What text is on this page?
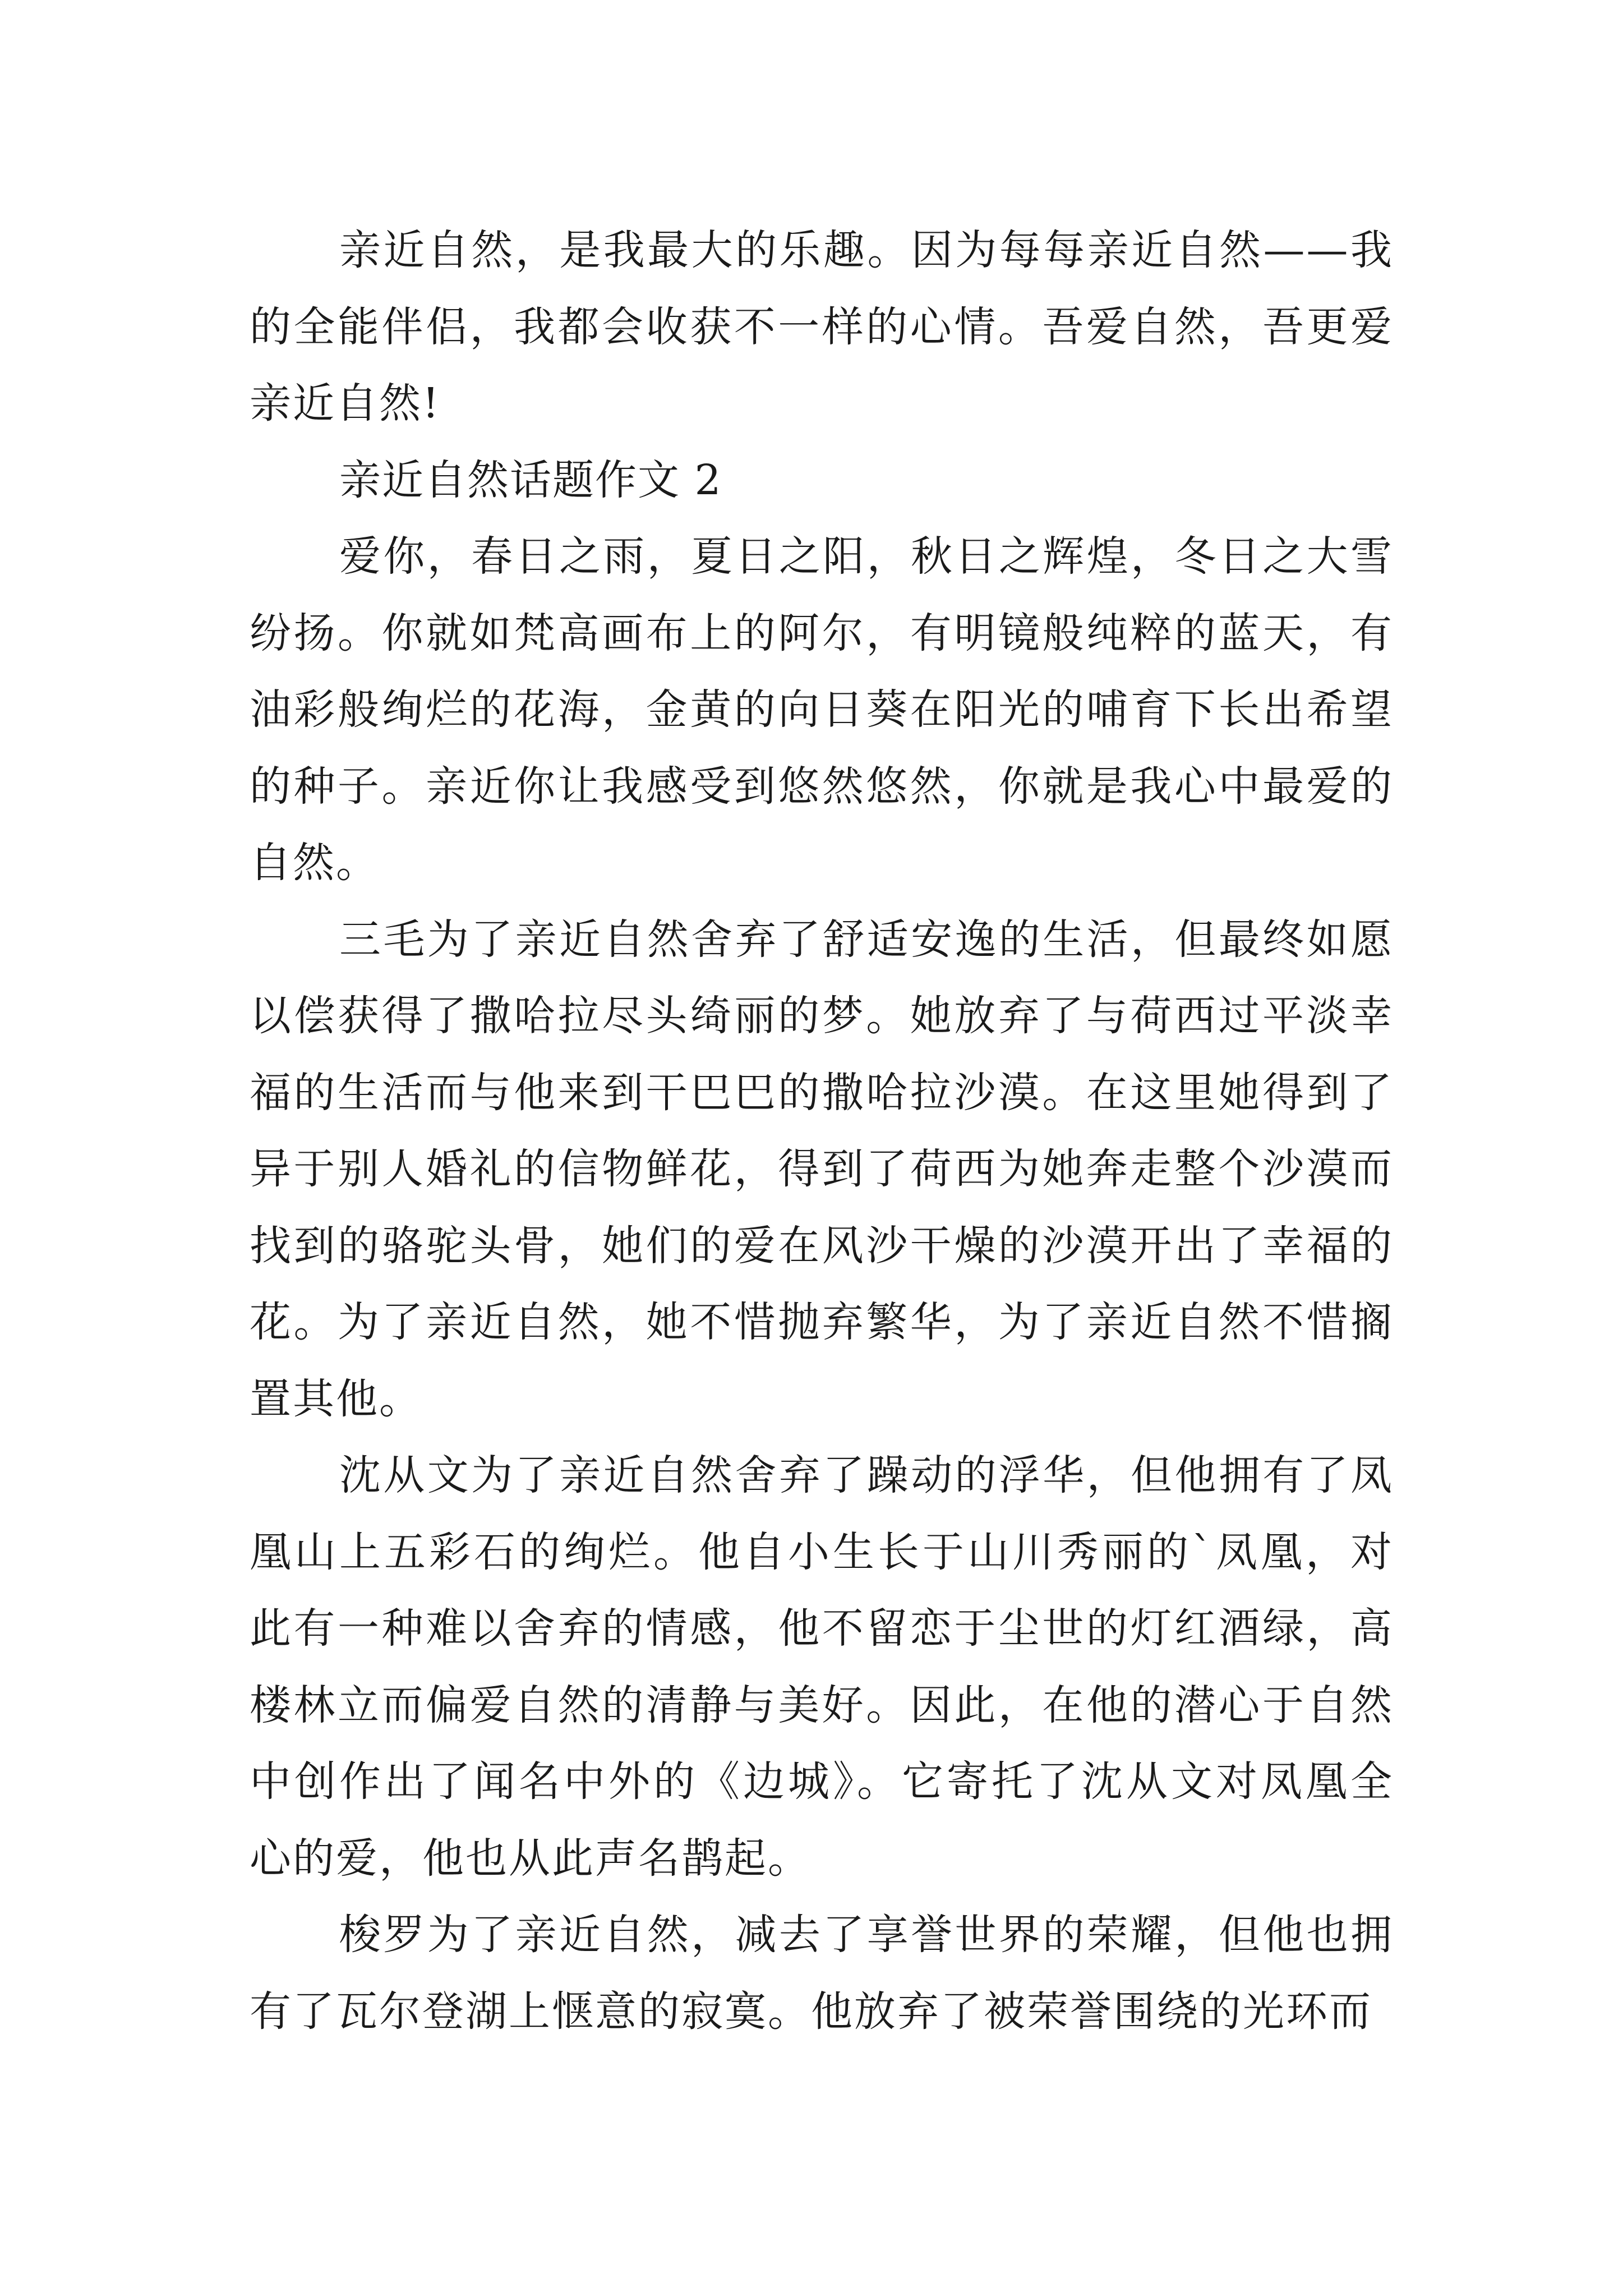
亲近自然，是我最大的乐趣。因为每每亲近自然——我的全能伴侣，我都会收获不一样的心情。吾爱自然，吾更爱亲近自然!

亲近自然话题作文 2

爱你，春日之雨，夏日之阳，秋日之辉煌，冬日之大雪纷扬。你就如梵高画布上的阿尔，有明镜般纯粹的蓝天，有油彩般绚烂的花海，金黄的向日葵在阳光的哺育下长出希望的种子。亲近你让我感受到悠然悠然，你就是我心中最爱的自然。

三毛为了亲近自然舍弃了舒适安逸的生活，但最终如愿以偿获得了撒哈拉尽头绮丽的梦。她放弃了与荷西过平淡幸福的生活而与他来到干巴巴的撒哈拉沙漠。在这里她得到了异于别人婚礼的信物鲜花，得到了荷西为她奔走整个沙漠而找到的骆驼头骨，她们的爱在风沙干燥的沙漠开出了幸福的花。为了亲近自然，她不惜抛弃繁华，为了亲近自然不惜搁置其他。

沈从文为了亲近自然舍弃了躁动的浮华，但他拥有了凤凰山上五彩石的绚烂。他自小生长于山川秀丽的`凤凰，对此有一种难以舍弃的情感，他不留恋于尘世的灯红酒绿，高楼林立而偏爱自然的清静与美好。因此，在他的潜心于自然中创作出了闻名中外的《边城》。它寄托了沈从文对凤凰全心的爱，他也从此声名鹊起。

梭罗为了亲近自然，减去了享誉世界的荣耀，但他也拥有了瓦尔登湖上惬意的寂寞。他放弃了被荣誉围绕的光环而
